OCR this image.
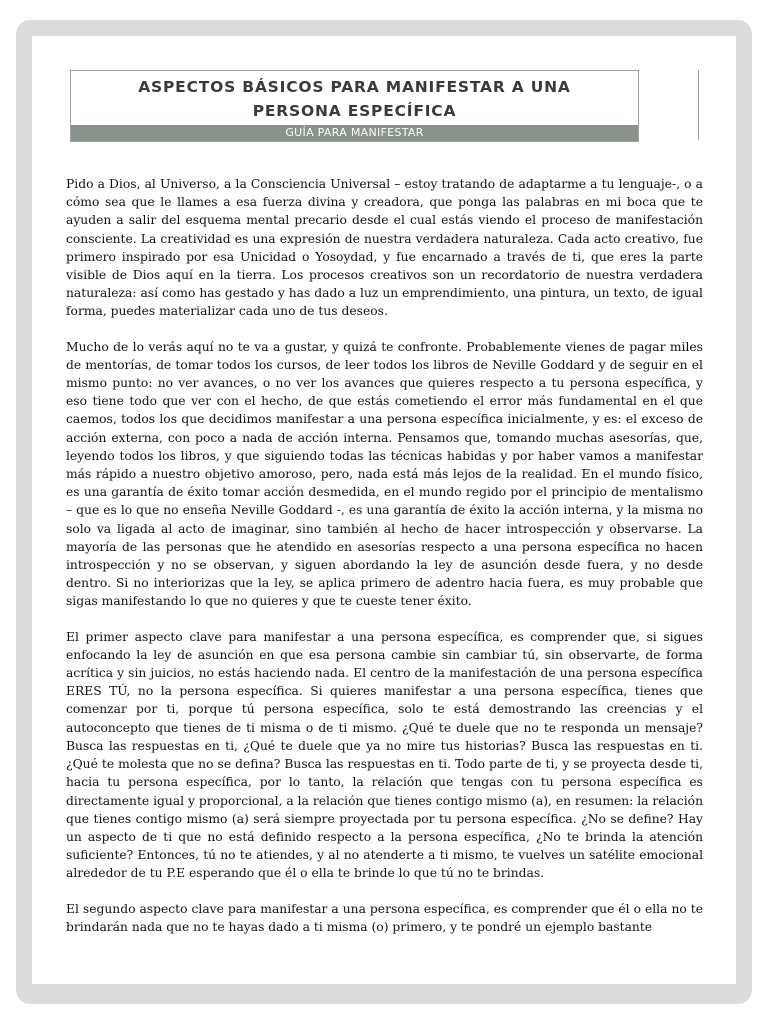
ASPECTOS BÁSICOS PARA MANIFESTAR A UNA
PERSONA ESPECÍFICA
GUÍA PARA MANIFESTAR

Pido a Dios, al Universo, a la Consciencia Universal – estoy tratando de adaptarme a tu lenguaje-, o a cómo sea que le llames a esa fuerza divina y creadora, que ponga las palabras en mi boca que te ayuden a salir del esquema mental precario desde el cual estás viendo el proceso de manifestación consciente. La creatividad es una expresión de nuestra verdadera naturaleza. Cada acto creativo, fue primero inspirado por esa Unicidad o Yosoydad, y fue encarnado a través de ti, que eres la parte visible de Dios aquí en la tierra. Los procesos creativos son un recordatorio de nuestra verdadera naturaleza: así como has gestado y has dado a luz un emprendimiento, una pintura, un texto, de igual forma, puedes materializar cada uno de tus deseos.

Mucho de lo verás aquí no te va a gustar, y quizá te confronte. Probablemente vienes de pagar miles de mentorías, de tomar todos los cursos, de leer todos los libros de Neville Goddard y de seguir en el mismo punto: no ver avances, o no ver los avances que quieres respecto a tu persona específica, y eso tiene todo que ver con el hecho, de que estás cometiendo el error más fundamental en el que caemos, todos los que decidimos manifestar a una persona específica inicialmente, y es: el exceso de acción externa, con poco a nada de acción interna. Pensamos que, tomando muchas asesorías, que, leyendo todos los libros, y que siguiendo todas las técnicas habidas y por haber vamos a manifestar más rápido a nuestro objetivo amoroso, pero, nada está más lejos de la realidad. En el mundo físico, es una garantía de éxito tomar acción desmedida, en el mundo regido por el principio de mentalismo – que es lo que no enseña Neville Goddard -, es una garantía de éxito la acción interna, y la misma no solo va ligada al acto de imaginar, sino también al hecho de hacer introspección y observarse. La mayoría de las personas que he atendido en asesorías respecto a una persona específica no hacen introspección y no se observan, y siguen abordando la ley de asunción desde fuera, y no desde dentro. Si no interiorizas que la ley, se aplica primero de adentro hacia fuera, es muy probable que sigas manifestando lo que no quieres y que te cueste tener éxito.

El primer aspecto clave para manifestar a una persona específica, es comprender que, si sigues enfocando la ley de asunción en que esa persona cambie sin cambiar tú, sin observarte, de forma acrítica y sin juicios, no estás haciendo nada. El centro de la manifestación de una persona específica ERES TÚ, no la persona específica. Si quieres manifestar a una persona específica, tienes que comenzar por ti, porque tú persona específica, solo te está demostrando las creencias y el autoconcepto que tienes de ti misma o de ti mismo. ¿Qué te duele que no te responda un mensaje? Busca las respuestas en ti, ¿Qué te duele que ya no mire tus historias? Busca las respuestas en ti. ¿Qué te molesta que no se defina? Busca las respuestas en ti. Todo parte de ti, y se proyecta desde ti, hacia tu persona específica, por lo tanto, la relación que tengas con tu persona específica es directamente igual y proporcional, a la relación que tienes contigo mismo (a), en resumen: la relación que tienes contigo mismo (a) será siempre proyectada por tu persona específica. ¿No se define? Hay un aspecto de ti que no está definido respecto a la persona específica, ¿No te brinda la atención suficiente? Entonces, tú no te atiendes, y al no atenderte a ti mismo, te vuelves un satélite emocional alrededor de tu P.E esperando que él o ella te brinde lo que tú no te brindas.

El segundo aspecto clave para manifestar a una persona específica, es comprender que él o ella no te brindarán nada que no te hayas dado a ti misma (o) primero, y te pondré un ejemplo bastante
